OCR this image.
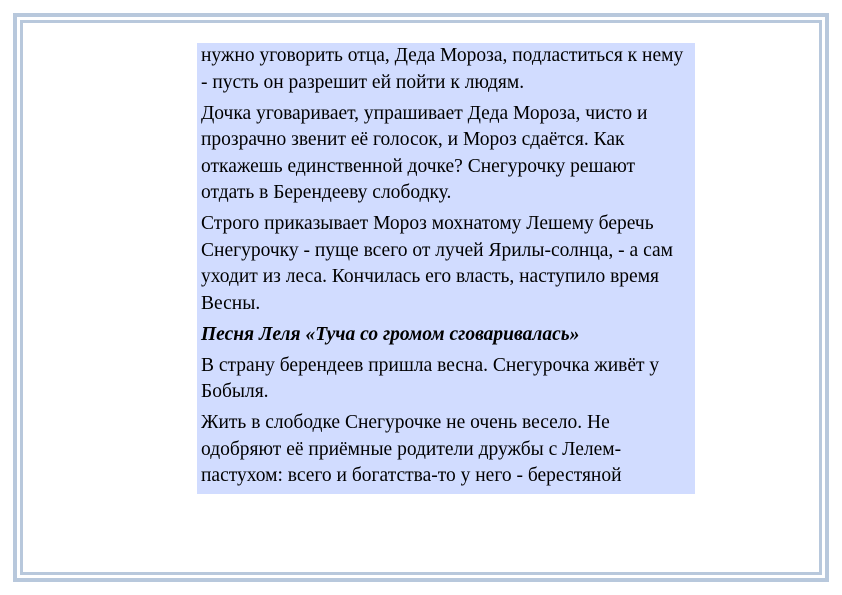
нужно уговорить отца, Деда Мороза, подластиться к нему - пусть он разрешит ей пойти к людям.

Дочка уговаривает, упрашивает Деда Мороза, чисто и прозрачно звенит её голосок, и Мороз сдаётся. Как откажешь единственной дочке? Снегурочку решают отдать в Берендееву слободку.

Строго приказывает Мороз мохнатому Лешему беречь Снегурочку - пуще всего от лучей Ярилы-солнца, - а сам уходит из леса. Кончилась его власть, наступило время Весны.

Песня Леля «Туча со громом сговаривалась»

В страну берендеев пришла весна. Снегурочка живёт у Бобыля.

Жить в слободке Снегурочке не очень весело. Не одобряют её приёмные родители дружбы с Лелем-пастухом: всего и богатства-то у него - берестяной
